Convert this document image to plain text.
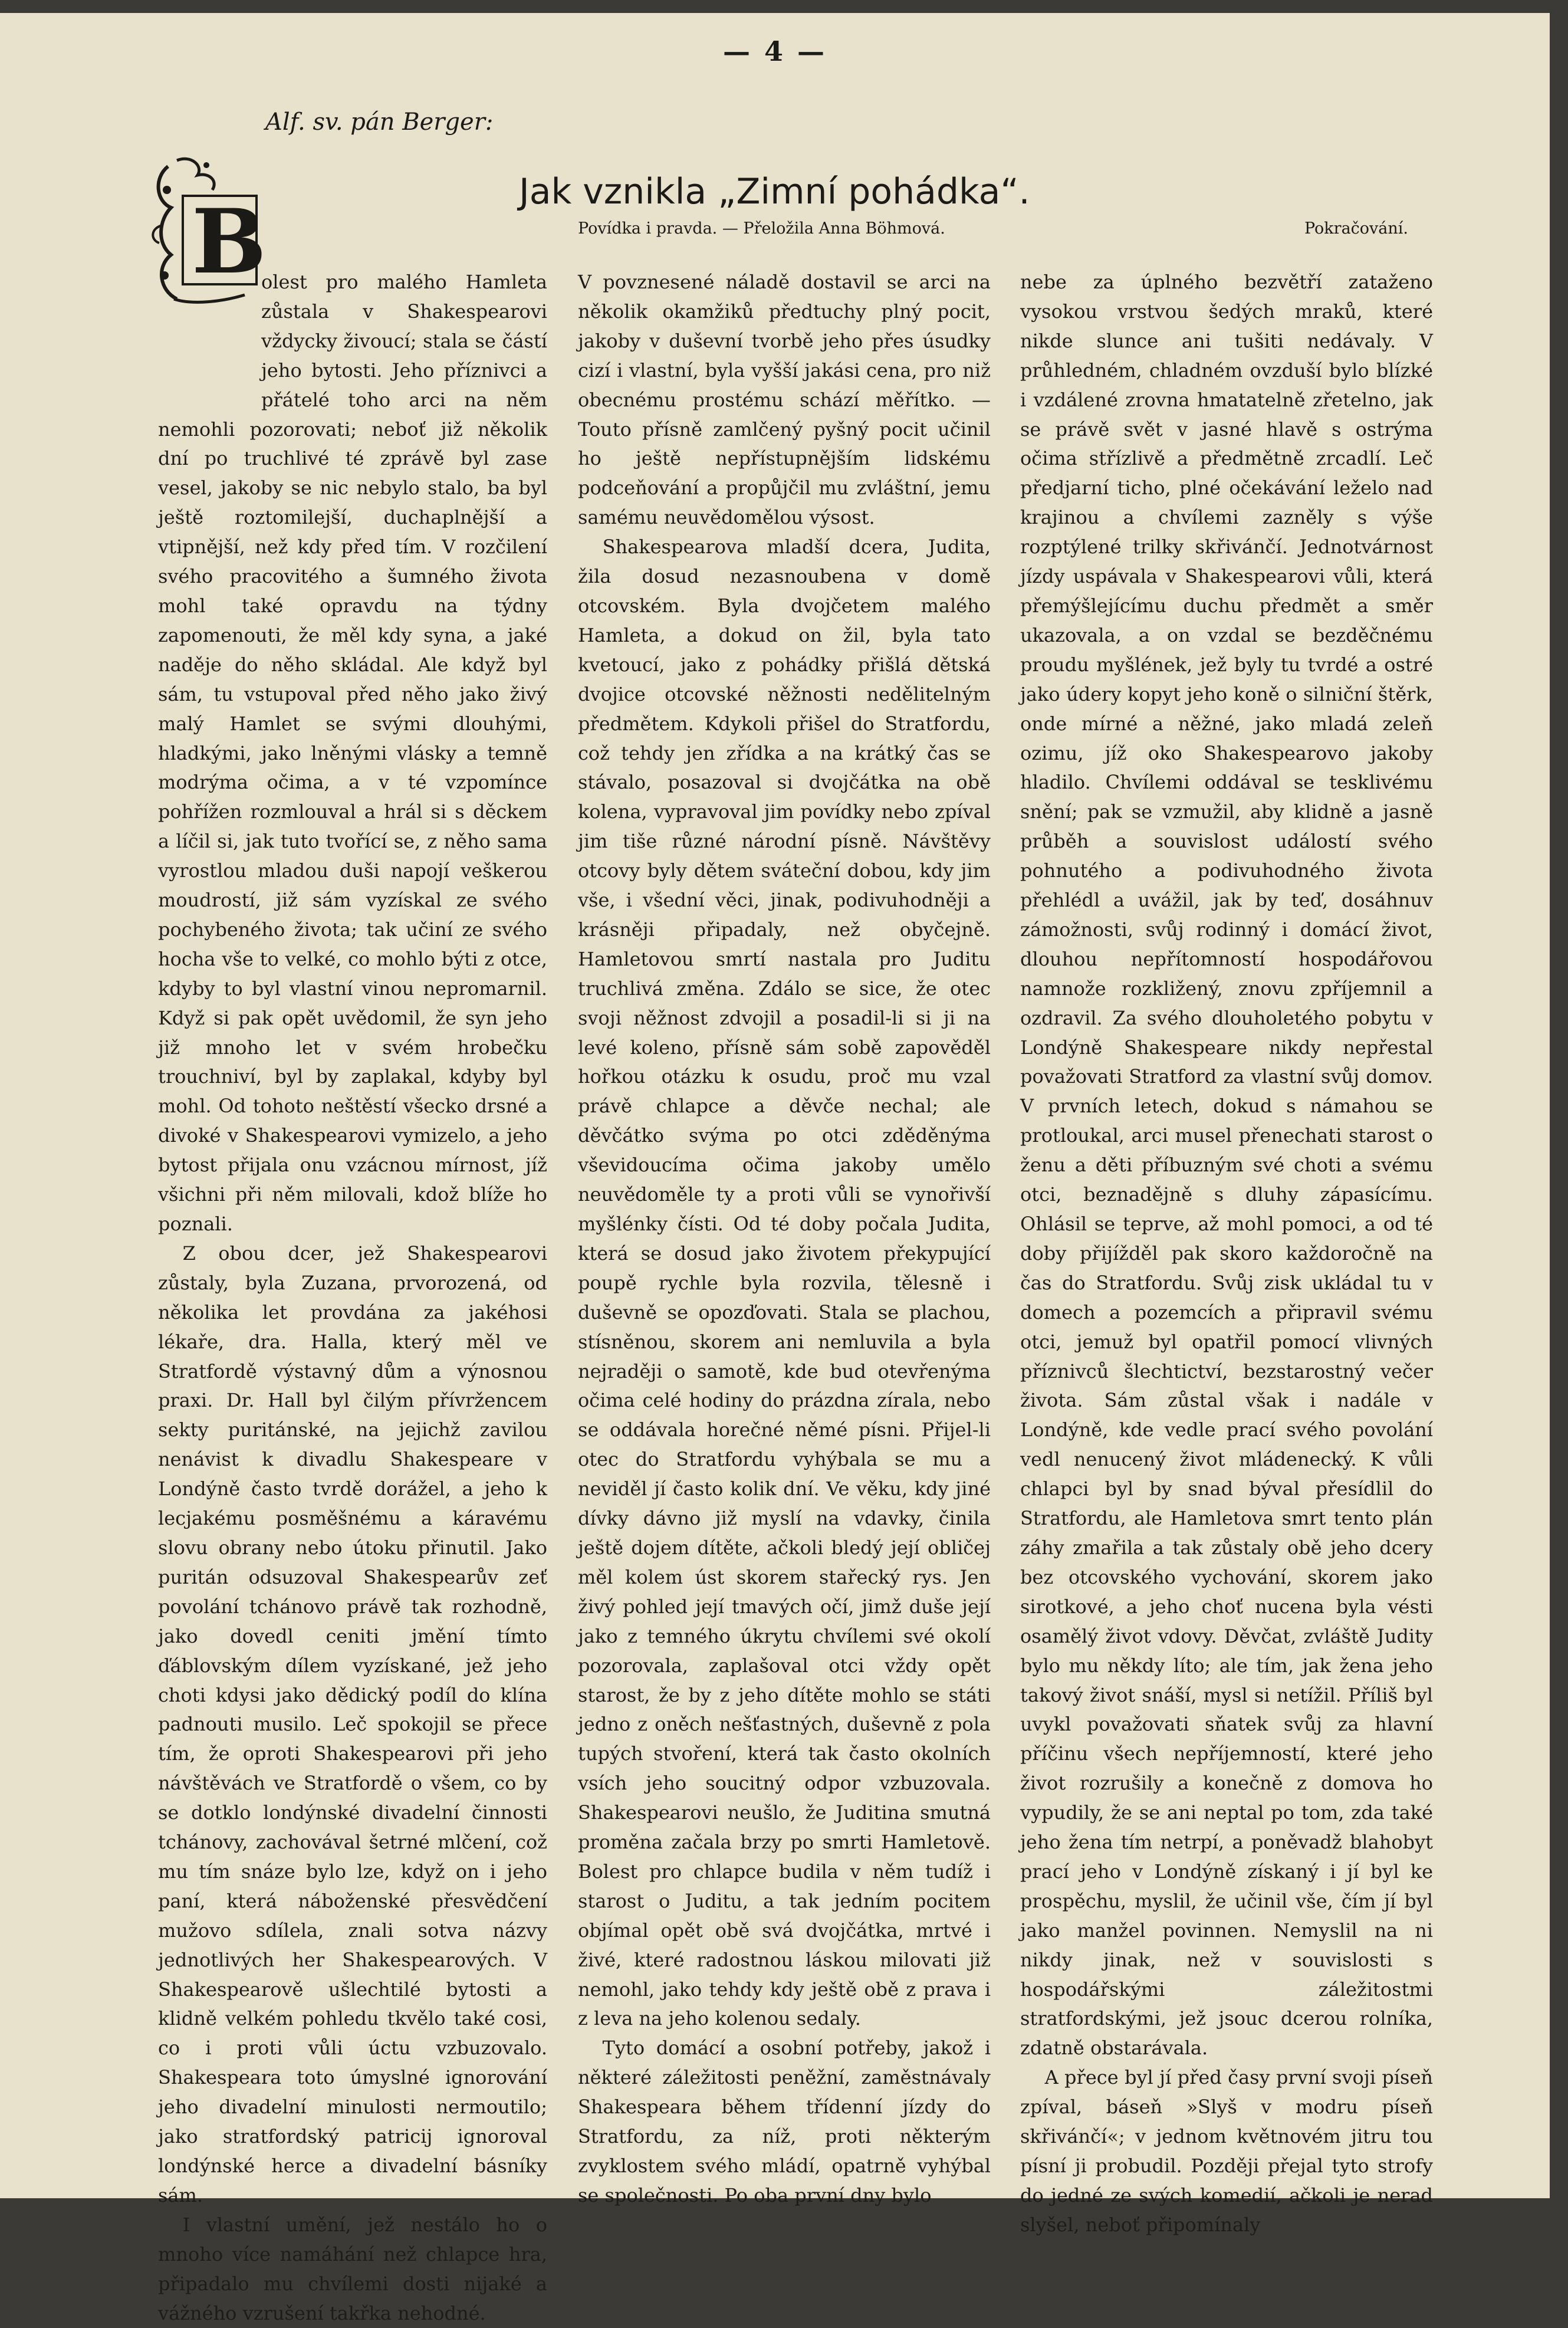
— 4 —
Alf. sv. pán Berger:
Jak vznikla „Zimní pohádka“.
Povídka i pravda. — Přeložila Anna Böhmová.	Pokračování.
B

olest pro malého Hamleta zůstala v Shakespearovi vždycky živoucí; stala se částí jeho bytosti. Jeho příznivci a přátelé toho arci na něm nemohli pozorovati; neboť již několik dní po truchlivé té zprávě byl zase vesel, jakoby se nic nebylo stalo, ba byl ještě roztomilejší, duchaplnější a vtipnější, než kdy před tím. V rozčilení svého pracovitého a šumného života mohl také opravdu na týdny zapomenouti, že měl kdy syna, a jaké naděje do něho skládal. Ale když byl sám, tu vstupoval před něho jako živý malý Hamlet se svými dlouhými, hladkými, jako lněnými vlásky a temně modrýma očima, a v té vzpomínce pohřížen rozmlouval a hrál si s děckem a líčil si, jak tuto tvořící se, z něho sama vyrostlou mladou duši napojí veškerou moudrostí, již sám vyzískal ze svého pochybeného života; tak učiní ze svého hocha vše to velké, co mohlo býti z otce, kdyby to byl vlastní vinou nepromarnil. Když si pak opět uvědomil, že syn jeho již mnoho let v svém hrobečku trouchniví, byl by zaplakal, kdyby byl mohl. Od tohoto neštěstí všecko drsné a divoké v Shakespearovi vymizelo, a jeho bytost přijala onu vzácnou mírnost, jíž všichni při něm milovali, kdož blíže ho poznali.

Z obou dcer, jež Shakespearovi zůstaly, byla Zuzana, prvorozená, od několika let provdána za jakéhosi lékaře, dra. Halla, který měl ve Stratfordě výstavný dům a výnosnou praxi. Dr. Hall byl čilým přívržencem sekty puritánské, na jejichž zavilou nenávist k divadlu Shakespeare v Londýně často tvrdě dorážel, a jeho k lecjakému posměšnému a káravému slovu obrany nebo útoku přinutil. Jako puritán odsuzoval Shakespearův zeť povolání tchánovo právě tak rozhodně, jako dovedl ceniti jmění tímto ďáblovským dílem vyzískané, jež jeho choti kdysi jako dědický podíl do klína padnouti musilo. Leč spokojil se přece tím, že oproti Shakespearovi při jeho návštěvách ve Stratfordě o všem, co by se dotklo londýnské divadelní činnosti tchánovy, zachovával šetrné mlčení, což mu tím snáze bylo lze, když on i jeho paní, která náboženské přesvědčení mužovo sdílela, znali sotva názvy jednotlivých her Shakespearových. V Shakespearově ušlechtilé bytosti a klidně velkém pohledu tkvělo také cosi, co i proti vůli úctu vzbuzovalo. Shakespeara toto úmyslné ignorování jeho divadelní minulosti nermoutilo; jako stratfordský patricij ignoroval londýnské herce a divadelní básníky sám.

I vlastní umění, jež nestálo ho o mnoho více namáhání než chlapce hra, připadalo mu chvílemi dosti nijaké a vážného vzrušení takřka nehodné.

V povznesené náladě dostavil se arci na několik okamžiků předtuchy plný pocit, jakoby v duševní tvorbě jeho přes úsudky cizí i vlastní, byla vyšší jakási cena, pro niž obecnému prostému schází měřítko. — Touto přísně zamlčený pyšný pocit učinil ho ještě nepřístupnějším lidskému podceňování a propůjčil mu zvláštní, jemu samému neuvědomělou výsost.

Shakespearova mladší dcera, Judita, žila dosud nezasnoubena v domě otcovském. Byla dvojčetem malého Hamleta, a dokud on žil, byla tato kvetoucí, jako z pohádky přišlá dětská dvojice otcovské něžnosti nedělitelným předmětem. Kdykoli přišel do Stratfordu, což tehdy jen zřídka a na krátký čas se stávalo, posazoval si dvojčátka na obě kolena, vypravoval jim povídky nebo zpíval jim tiše různé národní písně. Návštěvy otcovy byly dětem sváteční dobou, kdy jim vše, i všední věci, jinak, podivuhodněji a krásněji připadaly, než obyčejně. Hamletovou smrtí nastala pro Juditu truchlivá změna. Zdálo se sice, že otec svoji něžnost zdvojil a posadil-li si ji na levé koleno, přísně sám sobě zapověděl hořkou otázku k osudu, proč mu vzal právě chlapce a děvče nechal; ale děvčátko svýma po otci zděděnýma vševidoucíma očima jakoby umělo neuvědoměle ty a proti vůli se vynořivší myšlénky čísti. Od té doby počala Judita, která se dosud jako životem překypující poupě rychle byla rozvila, tělesně i duševně se opozďovati. Stala se plachou, stísněnou, skorem ani nemluvila a byla nejraději o samotě, kde bud otevřenýma očima celé hodiny do prázdna zírala, nebo se oddávala horečné němé písni. Přijel-li otec do Stratfordu vyhýbala se mu a neviděl jí často kolik dní. Ve věku, kdy jiné dívky dávno již myslí na vdavky, činila ještě dojem dítěte, ačkoli bledý její obličej měl kolem úst skorem stařecký rys. Jen živý pohled její tmavých očí, jimž duše její jako z temného úkrytu chvílemi své okolí pozorovala, zaplašoval otci vždy opět starost, že by z jeho dítěte mohlo se státi jedno z oněch nešťastných, duševně z pola tupých stvoření, která tak často okolních vsích jeho soucitný odpor vzbuzovala. Shakespearovi neušlo, že Juditina smutná proměna začala brzy po smrti Hamletově. Bolest pro chlapce budila v něm tudíž i starost o Juditu, a tak jedním pocitem objímal opět obě svá dvojčátka, mrtvé i živé, které radostnou láskou milovati již nemohl, jako tehdy kdy ještě obě z prava i z leva na jeho kolenou sedaly.

Tyto domácí a osobní potřeby, jakož i některé záležitosti peněžní, zaměstnávaly Shakespeara během třídenní jízdy do Stratfordu, za níž, proti některým zvyklostem svého mládí, opatrně vyhýbal se společnosti. Po oba první dny bylo

nebe za úplného bezvětří zataženo vysokou vrstvou šedých mraků, které nikde slunce ani tušiti nedávaly. V průhledném, chladném ovzduší bylo blízké i vzdálené zrovna hmatatelně zřetelno, jak se právě svět v jasné hlavě s ostrýma očima střízlivě a předmětně zrcadlí. Leč předjarní ticho, plné očekávání leželo nad krajinou a chvílemi zazněly s výše rozptýlené trilky skřivánčí. Jednotvárnost jízdy uspávala v Shakespearovi vůli, která přemýšlejícímu duchu předmět a směr ukazovala, a on vzdal se bezděčnému proudu myšlének, jež byly tu tvrdé a ostré jako údery kopyt jeho koně o silniční štěrk, onde mírné a něžné, jako mladá zeleň ozimu, jíž oko Shakespearovo jakoby hladilo. Chvílemi oddával se tesklivému snění; pak se vzmužil, aby klidně a jasně průběh a souvislost událostí svého pohnutého a podivuhodného života přehlédl a uvážil, jak by teď, dosáhnuv zámožnosti, svůj rodinný i domácí život, dlouhou nepřítomností hospodářovou namnože rozkližený, znovu zpříjemnil a ozdravil. Za svého dlouholetého pobytu v Londýně Shakespeare nikdy nepřestal považovati Stratford za vlastní svůj domov. V prvních letech, dokud s námahou se protloukal, arci musel přenechati starost o ženu a děti příbuzným své choti a svému otci, beznadějně s dluhy zápasícímu. Ohlásil se teprve, až mohl pomoci, a od té doby přijížděl pak skoro každoročně na čas do Stratfordu. Svůj zisk ukládal tu v domech a pozemcích a připravil svému otci, jemuž byl opatřil pomocí vlivných příznivců šlechtictví, bezstarostný večer života. Sám zůstal však i nadále v Londýně, kde vedle prací svého povolání vedl nenucený život mládenecký. K vůli chlapci byl by snad býval přesídlil do Stratfordu, ale Hamletova smrt tento plán záhy zmařila a tak zůstaly obě jeho dcery bez otcovského vychování, skorem jako sirotkové, a jeho choť nucena byla vésti osamělý život vdovy. Děvčat, zvláště Judity bylo mu někdy líto; ale tím, jak žena jeho takový život snáší, mysl si netížil. Příliš byl uvykl považovati sňatek svůj za hlavní příčinu všech nepříjemností, které jeho život rozrušily a konečně z domova ho vypudily, že se ani neptal po tom, zda také jeho žena tím netrpí, a poněvadž blahobyt prací jeho v Londýně získaný i jí byl ke prospěchu, myslil, že učinil vše, čím jí byl jako manžel povinnen. Nemyslil na ni nikdy jinak, než v souvislosti s hospodářskými záležitostmi stratfordskými, jež jsouc dcerou rolníka, zdatně obstarávala.

A přece byl jí před časy první svoji píseň zpíval, báseň »Slyš v modru píseň skřivánčí«; v jednom květnovém jitru tou písní ji probudil. Později přejal tyto strofy do jedné ze svých komedií, ačkoli je nerad slyšel, neboť připomínaly
